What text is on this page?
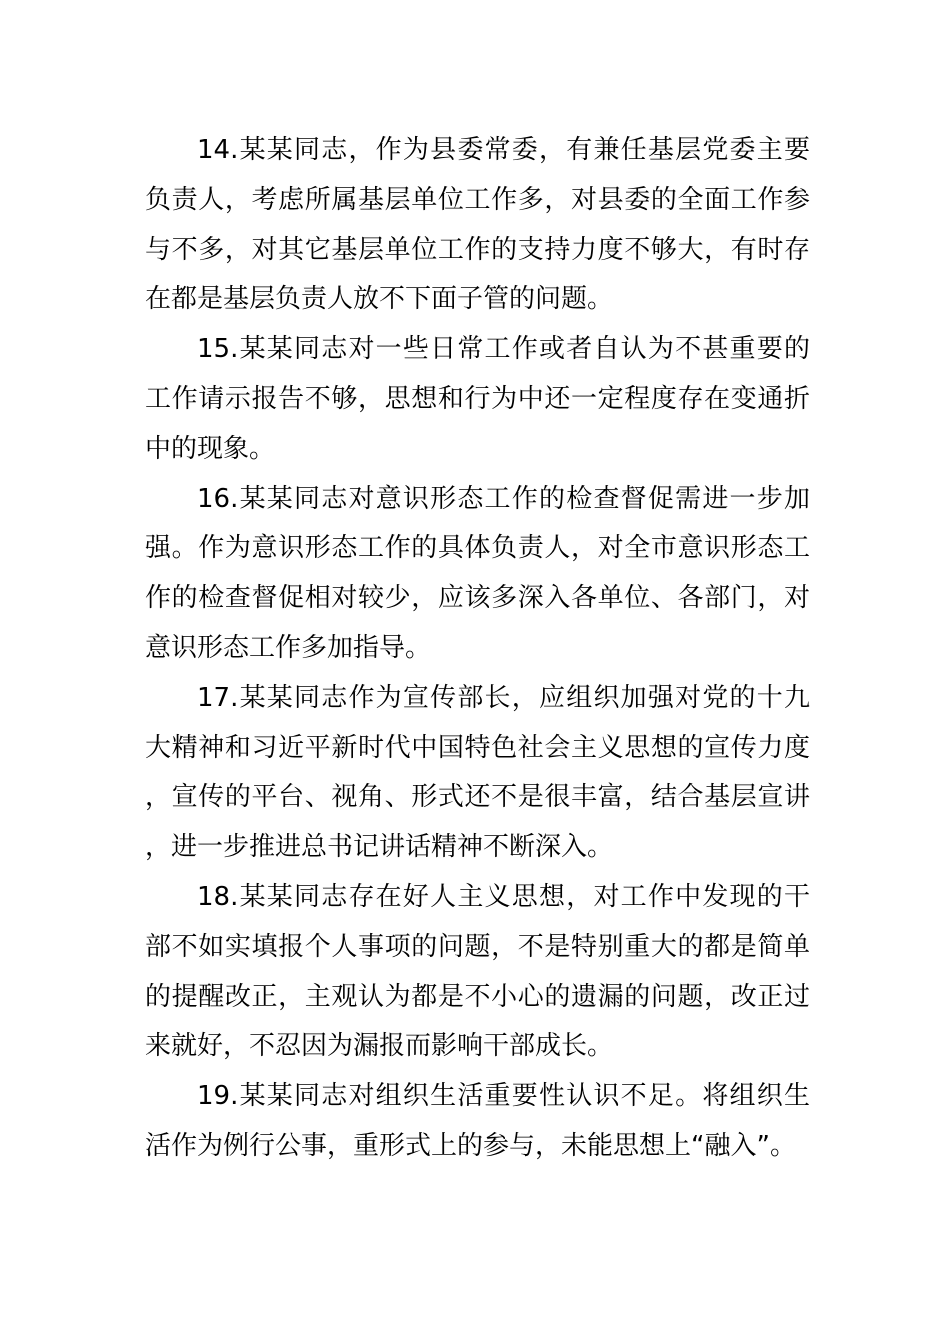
14.某某同志，作为县委常委，有兼任基层党委主要负责人，考虑所属基层单位工作多，对县委的全面工作参与不多，对其它基层单位工作的支持力度不够大，有时存在都是基层负责人放不下面子管的问题。

15.某某同志对一些日常工作或者自认为不甚重要的工作请示报告不够，思想和行为中还一定程度存在变通折中的现象。

16.某某同志对意识形态工作的检查督促需进一步加强。作为意识形态工作的具体负责人，对全市意识形态工作的检查督促相对较少，应该多深入各单位、各部门，对意识形态工作多加指导。

17.某某同志作为宣传部长，应组织加强对党的十九大精神和习近平新时代中国特色社会主义思想的宣传力度，宣传的平台、视角、形式还不是很丰富，结合基层宣讲，进一步推进总书记讲话精神不断深入。

18.某某同志存在好人主义思想，对工作中发现的干部不如实填报个人事项的问题，不是特别重大的都是简单的提醒改正，主观认为都是不小心的遗漏的问题，改正过来就好，不忍因为漏报而影响干部成长。

19.某某同志对组织生活重要性认识不足。将组织生活作为例行公事，重形式上的参与，未能思想上“融入”。
